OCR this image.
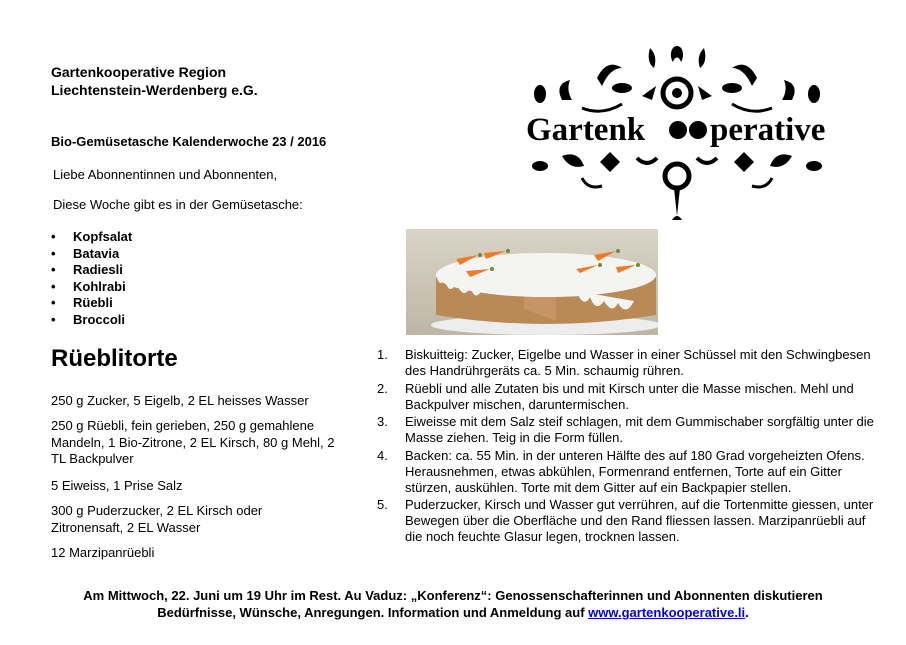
Gartenkooperative Region
Liechtenstein-Werdenberg e.G.
Bio-Gemüsetasche Kalenderwoche 23 / 2016
Liebe Abonnentinnen und Abonnenten,
Diese Woche gibt es in der Gemüsetasche:
• Kopfsalat
• Batavia
• Radiesli
• Kohlrabi
• Rüebli
• Broccoli
Gartenk perative
Rüeblitorte
250 g Zucker, 5 Eigelb, 2 EL heisses Wasser
250 g Rüebli, fein gerieben, 250 g gemahlene Mandeln, 1 Bio-Zitrone, 2 EL Kirsch, 80 g Mehl, 2 TL Backpulver
5 Eiweiss, 1 Prise Salz
300 g Puderzucker, 2 EL Kirsch oder Zitronensaft, 2 EL Wasser
12 Marzipanrüebli
1. Biskuitteig: Zucker, Eigelbe und Wasser in einer Schüssel mit den Schwingbesen des Handrührgeräts ca. 5 Min. schaumig rühren.
2. Rüebli und alle Zutaten bis und mit Kirsch unter die Masse mischen. Mehl und Backpulver mischen, daruntermischen.
3. Eiweisse mit dem Salz steif schlagen, mit dem Gummischaber sorgfältig unter die Masse ziehen. Teig in die Form füllen.
4. Backen: ca. 55 Min. in der unteren Hälfte des auf 180 Grad vorgeheizten Ofens. Herausnehmen, etwas abkühlen, Formenrand entfernen, Torte auf ein Gitter stürzen, auskühlen. Torte mit dem Gitter auf ein Backpapier stellen.
5. Puderzucker, Kirsch und Wasser gut verrühren, auf die Tortenmitte giessen, unter Bewegen über die Oberfläche und den Rand fliessen lassen. Marzipanrüebli auf die noch feuchte Glasur legen, trocknen lassen.
Am Mittwoch, 22. Juni um 19 Uhr im Rest. Au Vaduz: „Konferenz“: Genossenschafterinnen und Abonnenten diskutieren
Bedürfnisse, Wünsche, Anregungen. Information und Anmeldung auf www.gartenkooperative.li.
